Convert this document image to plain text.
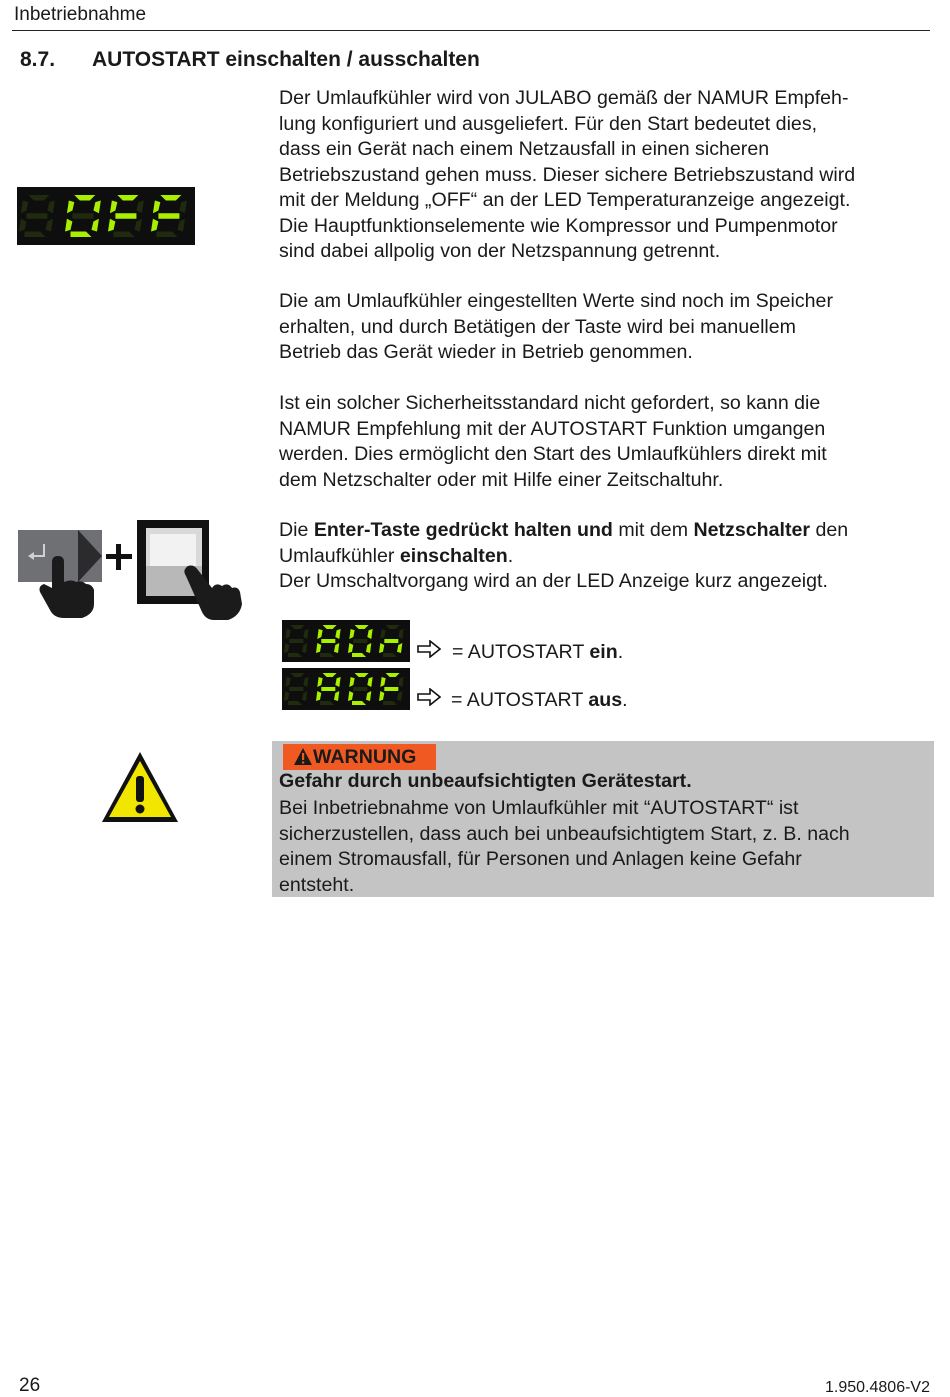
Inbetriebnahme
8.7. AUTOSTART einschalten / ausschalten
Der Umlaufkühler wird von JULABO gemäß der NAMUR Empfeh-
lung konfiguriert und ausgeliefert. Für den Start bedeutet dies,
dass ein Gerät nach einem Netzausfall in einen sicheren
Betriebszustand gehen muss. Dieser sichere Betriebszustand wird
mit der Meldung „OFF“ an der LED Temperaturanzeige angezeigt.
Die Hauptfunktionselemente wie Kompressor und Pumpenmotor
sind dabei allpolig von der Netzspannung getrennt.
Die am Umlaufkühler eingestellten Werte sind noch im Speicher
erhalten, und durch Betätigen der Taste wird bei manuellem
Betrieb das Gerät wieder in Betrieb genommen.
Ist ein solcher Sicherheitsstandard nicht gefordert, so kann die
NAMUR Empfehlung mit der AUTOSTART Funktion umgangen
werden. Dies ermöglicht den Start des Umlaufkühlers direkt mit
dem Netzschalter oder mit Hilfe einer Zeitschaltuhr.
Die Enter-Taste gedrückt halten und mit dem Netzschalter den
Umlaufkühler einschalten.
Der Umschaltvorgang wird an der LED Anzeige kurz angezeigt.
= AUTOSTART ein.
= AUTOSTART aus.
WARNUNG
Gefahr durch unbeaufsichtigten Gerätestart.
Bei Inbetriebnahme von Umlaufkühler mit “AUTOSTART“ ist
sicherzustellen, dass auch bei unbeaufsichtigtem Start, z. B. nach
einem Stromausfall, für Personen und Anlagen keine Gefahr
entsteht.
26	1.950.4806-V2
